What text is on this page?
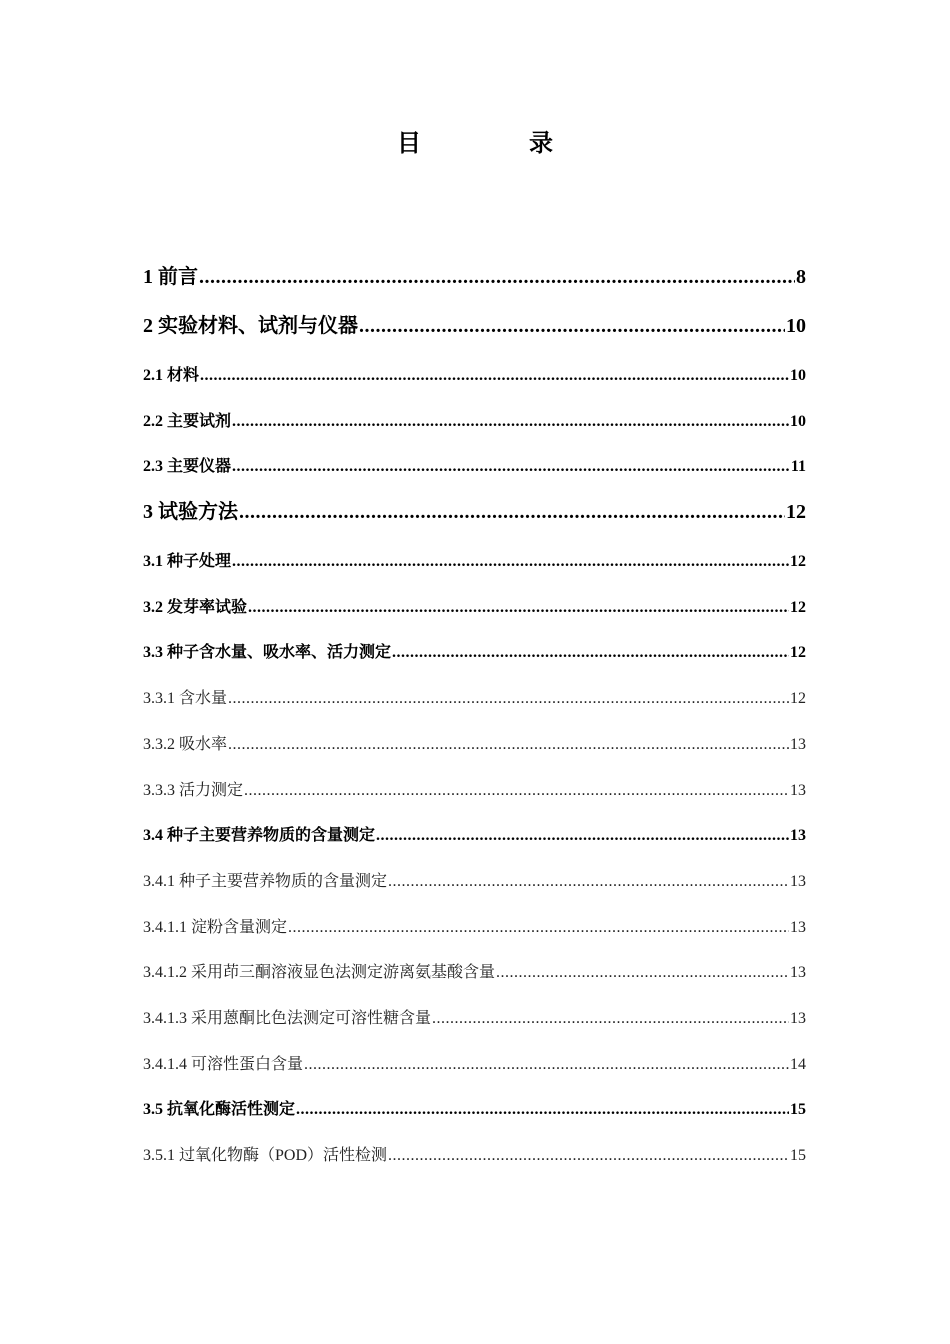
目　录
1 前言 .....	8
2 实验材料、试剂与仪器 .....	10
2.1 材料 .....	10
2.2 主要试剂 .....	10
2.3 主要仪器 .....	11
3 试验方法 .....	12
3.1 种子处理 .....	12
3.2 发芽率试验 .....	12
3.3 种子含水量、吸水率、活力测定 .....	12
3.3.1 含水量 .....	12
3.3.2 吸水率 .....	13
3.3.3 活力测定 .....	13
3.4 种子主要营养物质的含量测定 .....	13
3.4.1 种子主要营养物质的含量测定 .....	13
3.4.1.1 淀粉含量测定 .....	13
3.4.1.2 采用茚三酮溶液显色法测定游离氨基酸含量 .....	13
3.4.1.3 采用蒽酮比色法测定可溶性糖含量 .....	13
3.4.1.4 可溶性蛋白含量 .....	14
3.5 抗氧化酶活性测定 .....	15
3.5.1 过氧化物酶（POD）活性检测 .....	15
